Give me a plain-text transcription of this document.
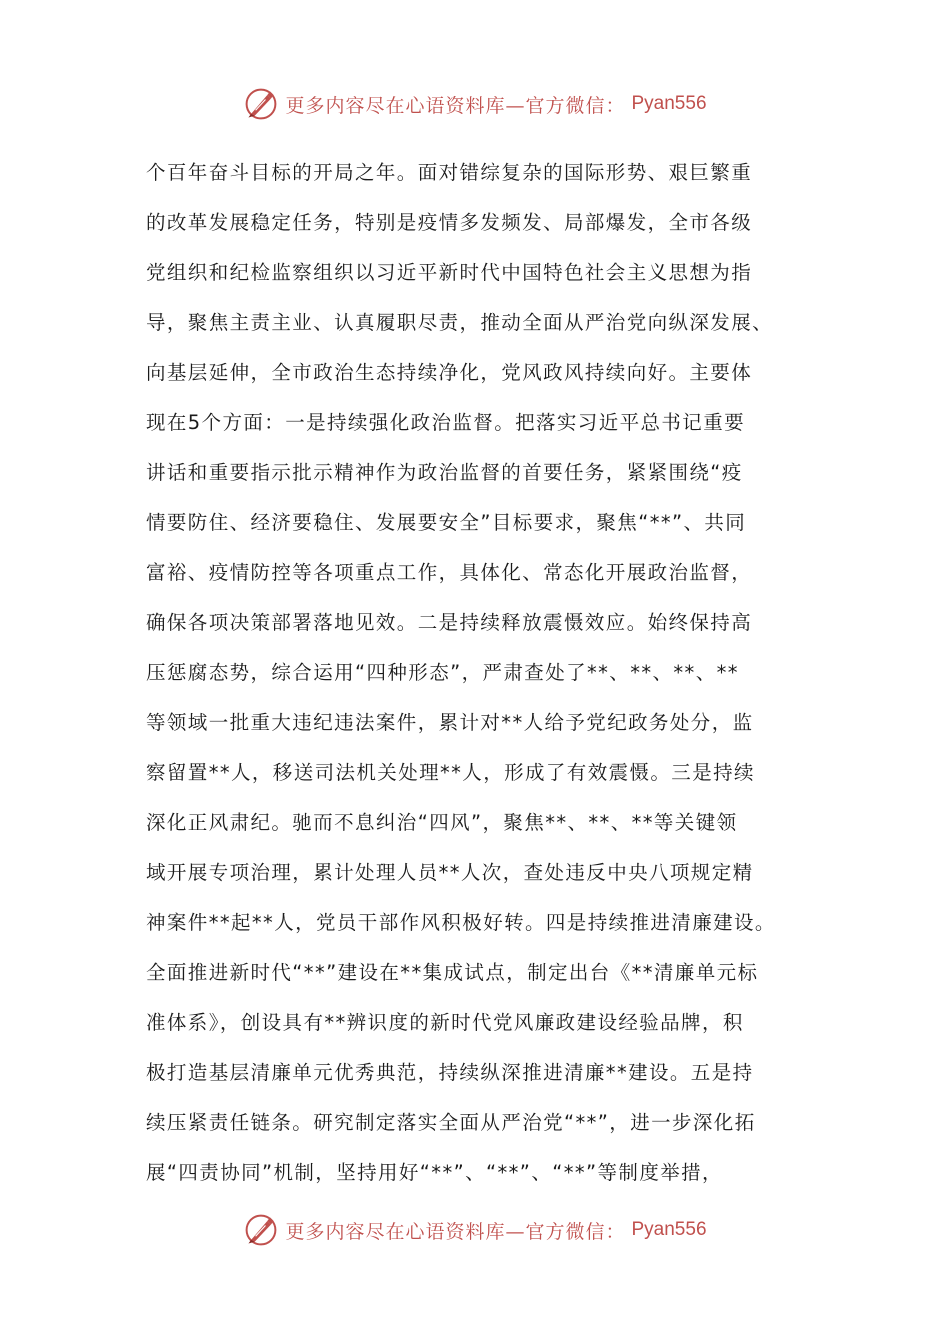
更多内容尽在心语资料库—官方微信： Pyan556
个百年奋斗目标的开局之年。面对错综复杂的国际形势、艰巨繁重
的改革发展稳定任务，特别是疫情多发频发、局部爆发，全市各级
党组织和纪检监察组织以习近平新时代中国特色社会主义思想为指
导，聚焦主责主业、认真履职尽责，推动全面从严治党向纵深发展、
向基层延伸，全市政治生态持续净化，党风政风持续向好。主要体
现在5个方面：一是持续强化政治监督。把落实习近平总书记重要
讲话和重要指示批示精神作为政治监督的首要任务，紧紧围绕“疫
情要防住、经济要稳住、发展要安全”目标要求，聚焦“**”、共同
富裕、疫情防控等各项重点工作，具体化、常态化开展政治监督，
确保各项决策部署落地见效。二是持续释放震慑效应。始终保持高
压惩腐态势，综合运用“四种形态”，严肃查处了**、**、**、**
等领域一批重大违纪违法案件，累计对**人给予党纪政务处分，监
察留置**人，移送司法机关处理**人，形成了有效震慑。三是持续
深化正风肃纪。驰而不息纠治“四风”，聚焦**、**、**等关键领
域开展专项治理，累计处理人员**人次，查处违反中央八项规定精
神案件**起**人，党员干部作风积极好转。四是持续推进清廉建设。
全面推进新时代“**”建设在**集成试点，制定出台《**清廉单元标
准体系》，创设具有**辨识度的新时代党风廉政建设经验品牌，积
极打造基层清廉单元优秀典范，持续纵深推进清廉**建设。五是持
续压紧责任链条。研究制定落实全面从严治党“**”，进一步深化拓
展“四责协同”机制，坚持用好“**”、“**”、“**”等制度举措，
更多内容尽在心语资料库—官方微信： Pyan556
